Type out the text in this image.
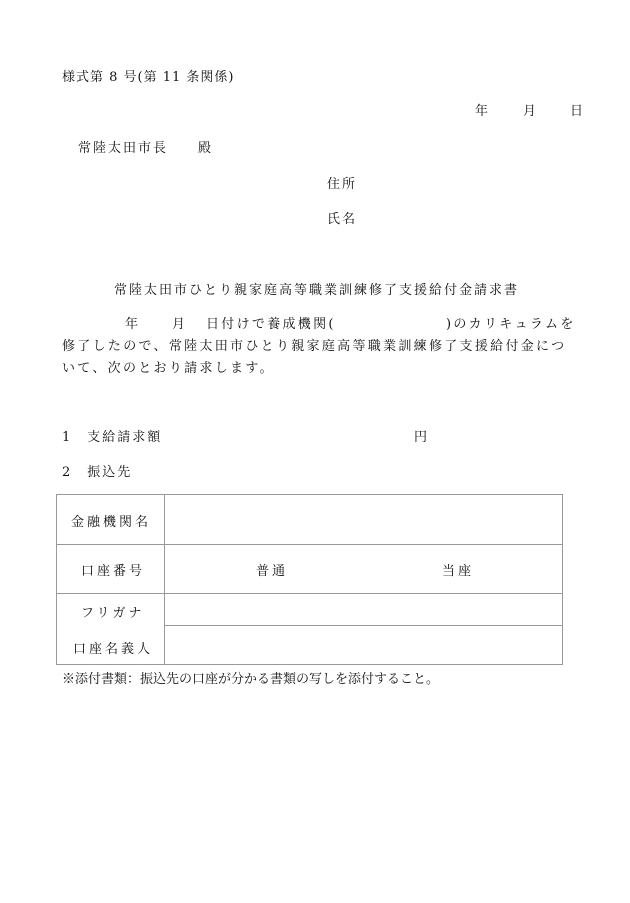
様式第 8 号(第 11 条関係)
年	月	日
常陸太田市長　　殿
住所
氏名
常陸太田市ひとり親家庭高等職業訓練修了支援給付金請求書
年 月 日付けで養成機関(	)のカリキュラムを
修了したので、常陸太田市ひとり親家庭高等職業訓練修了支援給付金につ
いて、次のとおり請求します。
1　支給請求額	円
2　振込先
金融機関名
口座番号	普通	当座
フリガナ
口座名義人
※添付書類：振込先の口座が分かる書類の写しを添付すること。
